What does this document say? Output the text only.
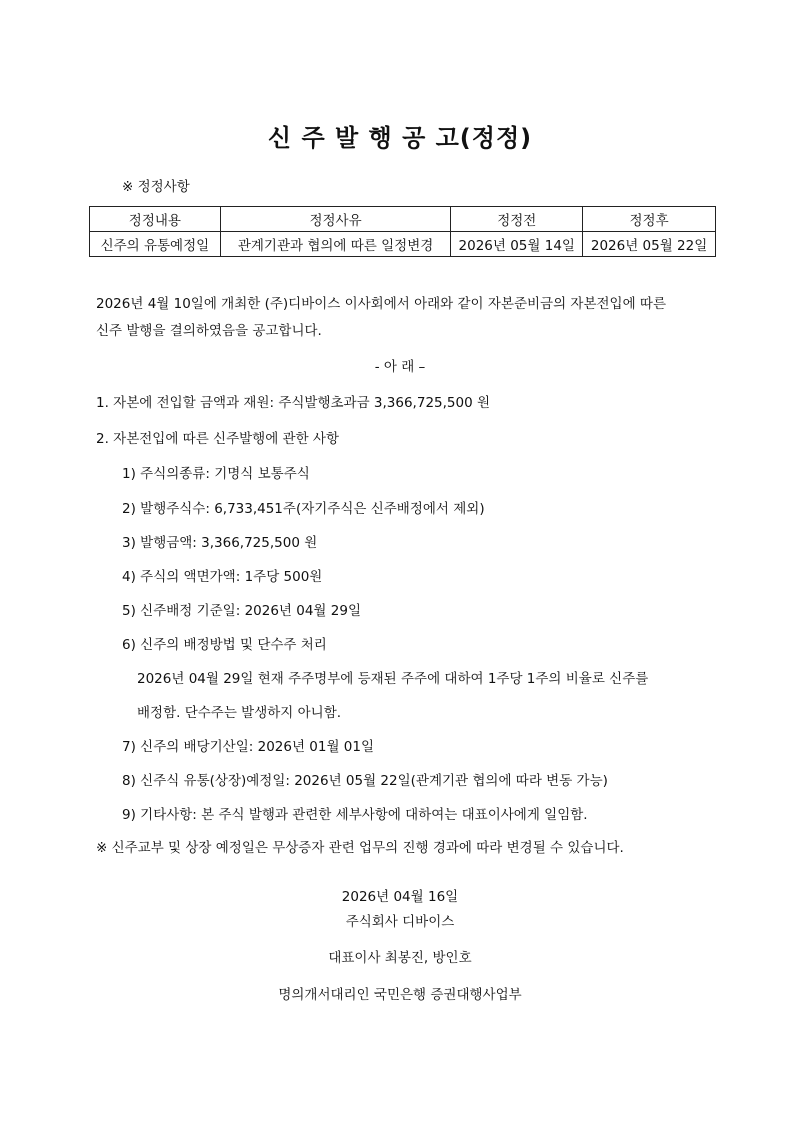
신 주 발 행 공 고(정정)
※ 정정사항
정정내용	정정사유	정정전	정정후
신주의 유통예정일	관계기관과 협의에 따른 일정변경	2026년 05월 14일	2026년 05월 22일
2026년 4월 10일에 개최한 (주)디바이스 이사회에서 아래와 같이 자본준비금의 자본전입에 따른
신주 발행을 결의하였음을 공고합니다.
- 아 래 –
1. 자본에 전입할 금액과 재원: 주식발행초과금 3,366,725,500 원
2. 자본전입에 따른 신주발행에 관한 사항
1) 주식의종류: 기명식 보통주식
2) 발행주식수: 6,733,451주(자기주식은 신주배정에서 제외)
3) 발행금액: 3,366,725,500 원
4) 주식의 액면가액: 1주당 500원
5) 신주배정 기준일: 2026년 04월 29일
6) 신주의 배정방법 및 단수주 처리
2026년 04월 29일 현재 주주명부에 등재된 주주에 대하여 1주당 1주의 비율로 신주를
배정함. 단수주는 발생하지 아니함.
7) 신주의 배당기산일: 2026년 01월 01일
8) 신주식 유통(상장)예정일: 2026년 05월 22일(관계기관 협의에 따라 변동 가능)
9) 기타사항: 본 주식 발행과 관련한 세부사항에 대하여는 대표이사에게 일임함.
※ 신주교부 및 상장 예정일은 무상증자 관련 업무의 진행 경과에 따라 변경될 수 있습니다.
2026년 04월 16일
주식회사 디바이스
대표이사 최봉진, 방인호
명의개서대리인 국민은행 증권대행사업부
